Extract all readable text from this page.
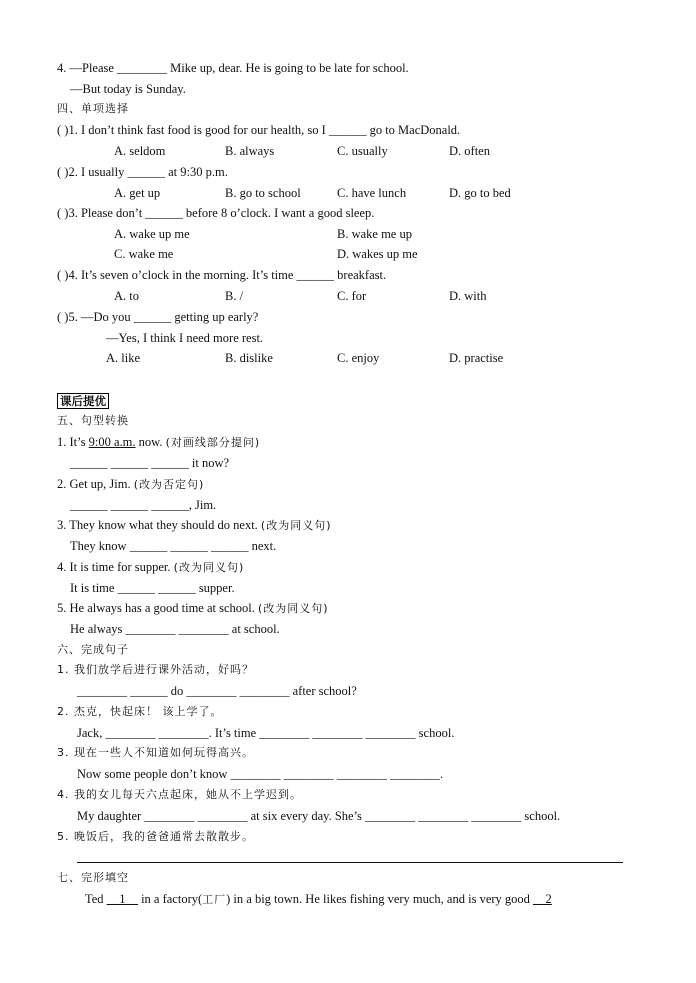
4. —Please ________ Mike up, dear. He is going to be late for school.
—But today is Sunday.
四、单项选择
( )1. I don’t think fast food is good for our health, so I ______ go to MacDonald.
A. seldom	B. always	C. usually	D. often
( )2. I usually ______ at 9:30 p.m.
A. get up	B. go to school	C. have lunch	D. go to bed
( )3. Please don’t ______ before 8 o’clock. I want a good sleep.
A. wake up me	B. wake me up
C. wake me	D. wakes up me
( )4. It’s seven o’clock in the morning. It’s time ______ breakfast.
A. to	B. /	C. for	D. with
( )5. —Do you ______ getting up early?
—Yes, I think I need more rest.
A. like	B. dislike	C. enjoy	D. practise
课后提优
五、句型转换
1. It’s 9:00 a.m. now. (对画线部分提问)
______ ______ ______ it now?
2. Get up, Jim. (改为否定句)
______ ______ ______, Jim.
3. They know what they should do next. (改为同义句)
They know ______ ______ ______ next.
4. It is time for supper. (改为同义句)
It is time ______ ______ supper.
5. He always has a good time at school. (改为同义句)
He always ________ ________ at school.
六、完成句子
1. 我们放学后进行课外活动，好吗？
________ ______ do ________ ________ after school?
2. 杰克，快起床！ 该上学了。
Jack, ________ ________. It’s time ________ ________ ________ school.
3. 现在一些人不知道如何玩得高兴。
Now some people don’t know ________ ________ ________ ________.
4. 我的女儿每天六点起床，她从不上学迟到。
My daughter ________ ________ at six every day. She’s ________ ________ ________ school.
5. 晚饭后，我的爸爸通常去散散步。
七、完形填空
Ted __1__ in a factory(工厂) in a big town. He likes fishing very much, and is very good __2
